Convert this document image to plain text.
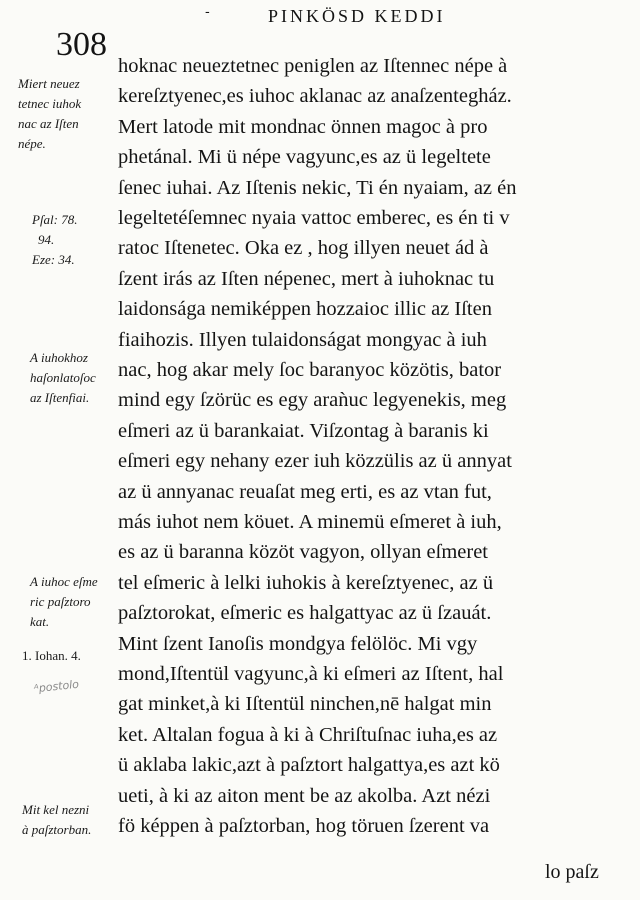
-	PINKÖSD KEDDI
308
Miert neuez
tetnec iuhok
nac az Iſten
népe.
Pſal: 78.
94.
Eze: 34.
A iuhokhoz
haſonlatoſoc
az Iſtenfiai.
A iuhoc eſme
ric paſztoro
kat.
1. Iohan. 4.
ᴬpostolo
Mit kel nezni
à paſztorban.
hoknac neueztetnec peniglen az Iſtennec népe à
kereſztyenec,es iuhoc aklanac az anaſzentegház.
Mert latode mit mondnac önnen magoc à pro
phetánal. Mi ü népe vagyunc,es az ü legeltete
ſenec iuhai. Az Iſtenis nekic, Ti én nyaiam, az én
legeltetéſemnec nyaia vattoc emberec, es én ti v
ratoc Iſtenetec. Oka ez , hog illyen neuet ád à
ſzent irás az Iſten népenec, mert à iuhoknac tu
laidonsága nemiképpen hozzaioc illic az Iſten
fiaihozis. Illyen tulaidonságat mongyac à iuh
nac, hog akar mely ſoc baranyoc közötis, bator
mind egy ſzörüc es egy araǹuc legyenekis, meg
eſmeri az ü barankaiat. Viſzontag à baranis ki
eſmeri egy nehany ezer iuh közzülis az ü annyat
az ü annyanac reuaſat meg erti, es az vtan fut,
más iuhot nem köuet. A minemü eſmeret à iuh,
es az ü baranna közöt vagyon, ollyan eſmeret
tel eſmeric à lelki iuhokis à kereſztyenec, az ü
paſztorokat, eſmeric es halgattyac az ü ſzauát.
Mint ſzent Ianoſis mondgya felölöc. Mi vgy
mond,Iſtentül vagyunc,à ki eſmeri az Iſtent, hal
gat minket,à ki Iſtentül ninchen,nē halgat min
ket. Altalan fogua à ki à Chriſtuſnac iuha,es az
ü aklaba lakic,azt à paſztort halgattya,es azt kö
ueti, à ki az aiton ment be az akolba. Azt nézi
fö képpen à paſztorban, hog töruen ſzerent va
lo paſz
